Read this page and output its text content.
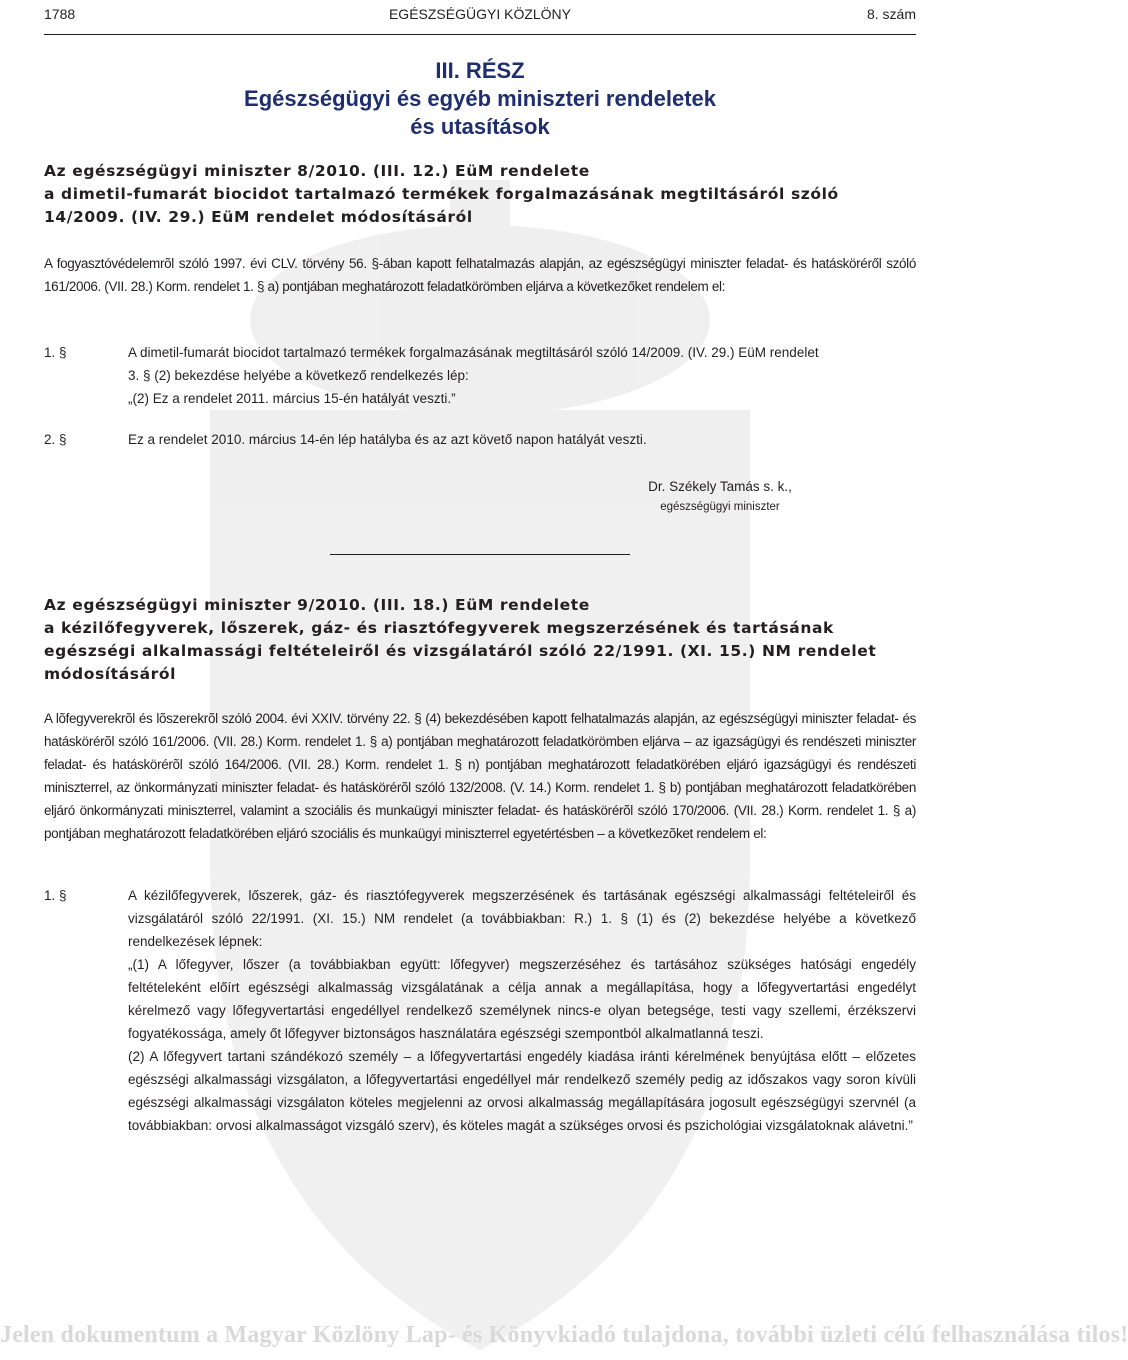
Jelen dokumentum a Magyar Közlöny Lap- és Könyvkiadó tulajdona, további üzleti célú felhasználása tilos!
1788	EGÉSZSÉGÜGYI KÖZLÖNY	8. szám
III. RÉSZ
Egészségügyi és egyéb miniszteri rendeletek
és utasítások
Az egészségügyi miniszter 8/2010. (III. 12.) EüM rendelete
a dimetil-fumarát biocidot tartalmazó termékek forgalmazásának megtiltásáról szóló
14/2009. (IV. 29.) EüM rendelet módosításáról
A fogyasztóvédelemrõl szóló 1997. évi CLV. törvény 56. §-ában kapott felhatalmazás alapján, az egészségügyi miniszter feladat- és hatásköréről szóló 161/2006. (VII. 28.) Korm. rendelet 1. § a) pontjában meghatározott feladatkörömben eljárva a következőket rendelem el:
1. §	A dimetil-fumarát biocidot tartalmazó termékek forgalmazásának megtiltásáról szóló 14/2009. (IV. 29.) EüM rendelet

3. § (2) bekezdése helyébe a következő rendelkezés lép:

„(2) Ez a rendelet 2011. március 15-én hatályát veszti.”

2. §	Ez a rendelet 2010. március 14-én lép hatályba és az azt követő napon hatályát veszti.

Dr. Székely Tamás s. k.,
egészségügyi miniszter
Az egészségügyi miniszter 9/2010. (III. 18.) EüM rendelete
a kézilőfegyverek, lőszerek, gáz- és riasztófegyverek megszerzésének és tartásának
egészségi alkalmassági feltételeiről és vizsgálatáról szóló 22/1991. (XI. 15.) NM rendelet
módosításáról
A lõfegyverekrõl és lõszerekrõl szóló 2004. évi XXIV. törvény 22. § (4) bekezdésében kapott felhatalmazás alapján, az egészségügyi miniszter feladat- és hatáskörérõl szóló 161/2006. (VII. 28.) Korm. rendelet 1. § a) pontjában meghatározott feladatkörömben eljárva – az igazságügyi és rendészeti miniszter feladat- és hatáskörérõl szóló 164/2006. (VII. 28.) Korm. rendelet 1. § n) pontjában meghatározott feladatkörében eljáró igazságügyi és rendészeti miniszterrel, az önkormányzati miniszter feladat- és hatáskörérõl szóló 132/2008. (V. 14.) Korm. rendelet 1. § b) pontjában meghatározott feladatkörében eljáró önkormányzati miniszterrel, valamint a szociális és munkaügyi miniszter feladat- és hatáskörérõl szóló 170/2006. (VII. 28.) Korm. rendelet 1. § a) pontjában meghatározott feladatkörében eljáró szociális és munkaügyi miniszterrel egyetértésben – a következõket rendelem el:
1. §	A kézilőfegyverek, lőszerek, gáz- és riasztófegyverek megszerzésének és tartásának egészségi alkalmassági feltételeiről és vizsgálatáról szóló 22/1991. (XI. 15.) NM rendelet (a továbbiakban: R.) 1. § (1) és (2) bekezdése helyébe a következő rendelkezések lépnek:

„(1) A lőfegyver, lőszer (a továbbiakban együtt: lőfegyver) megszerzéséhez és tartásához szükséges hatósági engedély feltételeként előírt egészségi alkalmasság vizsgálatának a célja annak a megállapítása, hogy a lőfegyvertartási engedélyt kérelmező vagy lőfegyvertartási engedéllyel rendelkező személynek nincs-e olyan betegsége, testi vagy szellemi, érzékszervi fogyatékossága, amely őt lőfegyver biztonságos használatára egészségi szempontból alkalmatlanná teszi.

(2) A lőfegyvert tartani szándékozó személy – a lőfegyvertartási engedély kiadása iránti kérelmének benyújtása előtt – előzetes egészségi alkalmassági vizsgálaton, a lőfegyvertartási engedéllyel már rendelkező személy pedig az időszakos vagy soron kívüli egészségi alkalmassági vizsgálaton köteles megjelenni az orvosi alkalmasság megállapítására jogosult egészségügyi szervnél (a továbbiakban: orvosi alkalmasságot vizsgáló szerv), és köteles magát a szükséges orvosi és pszichológiai vizsgálatoknak alávetni.”
